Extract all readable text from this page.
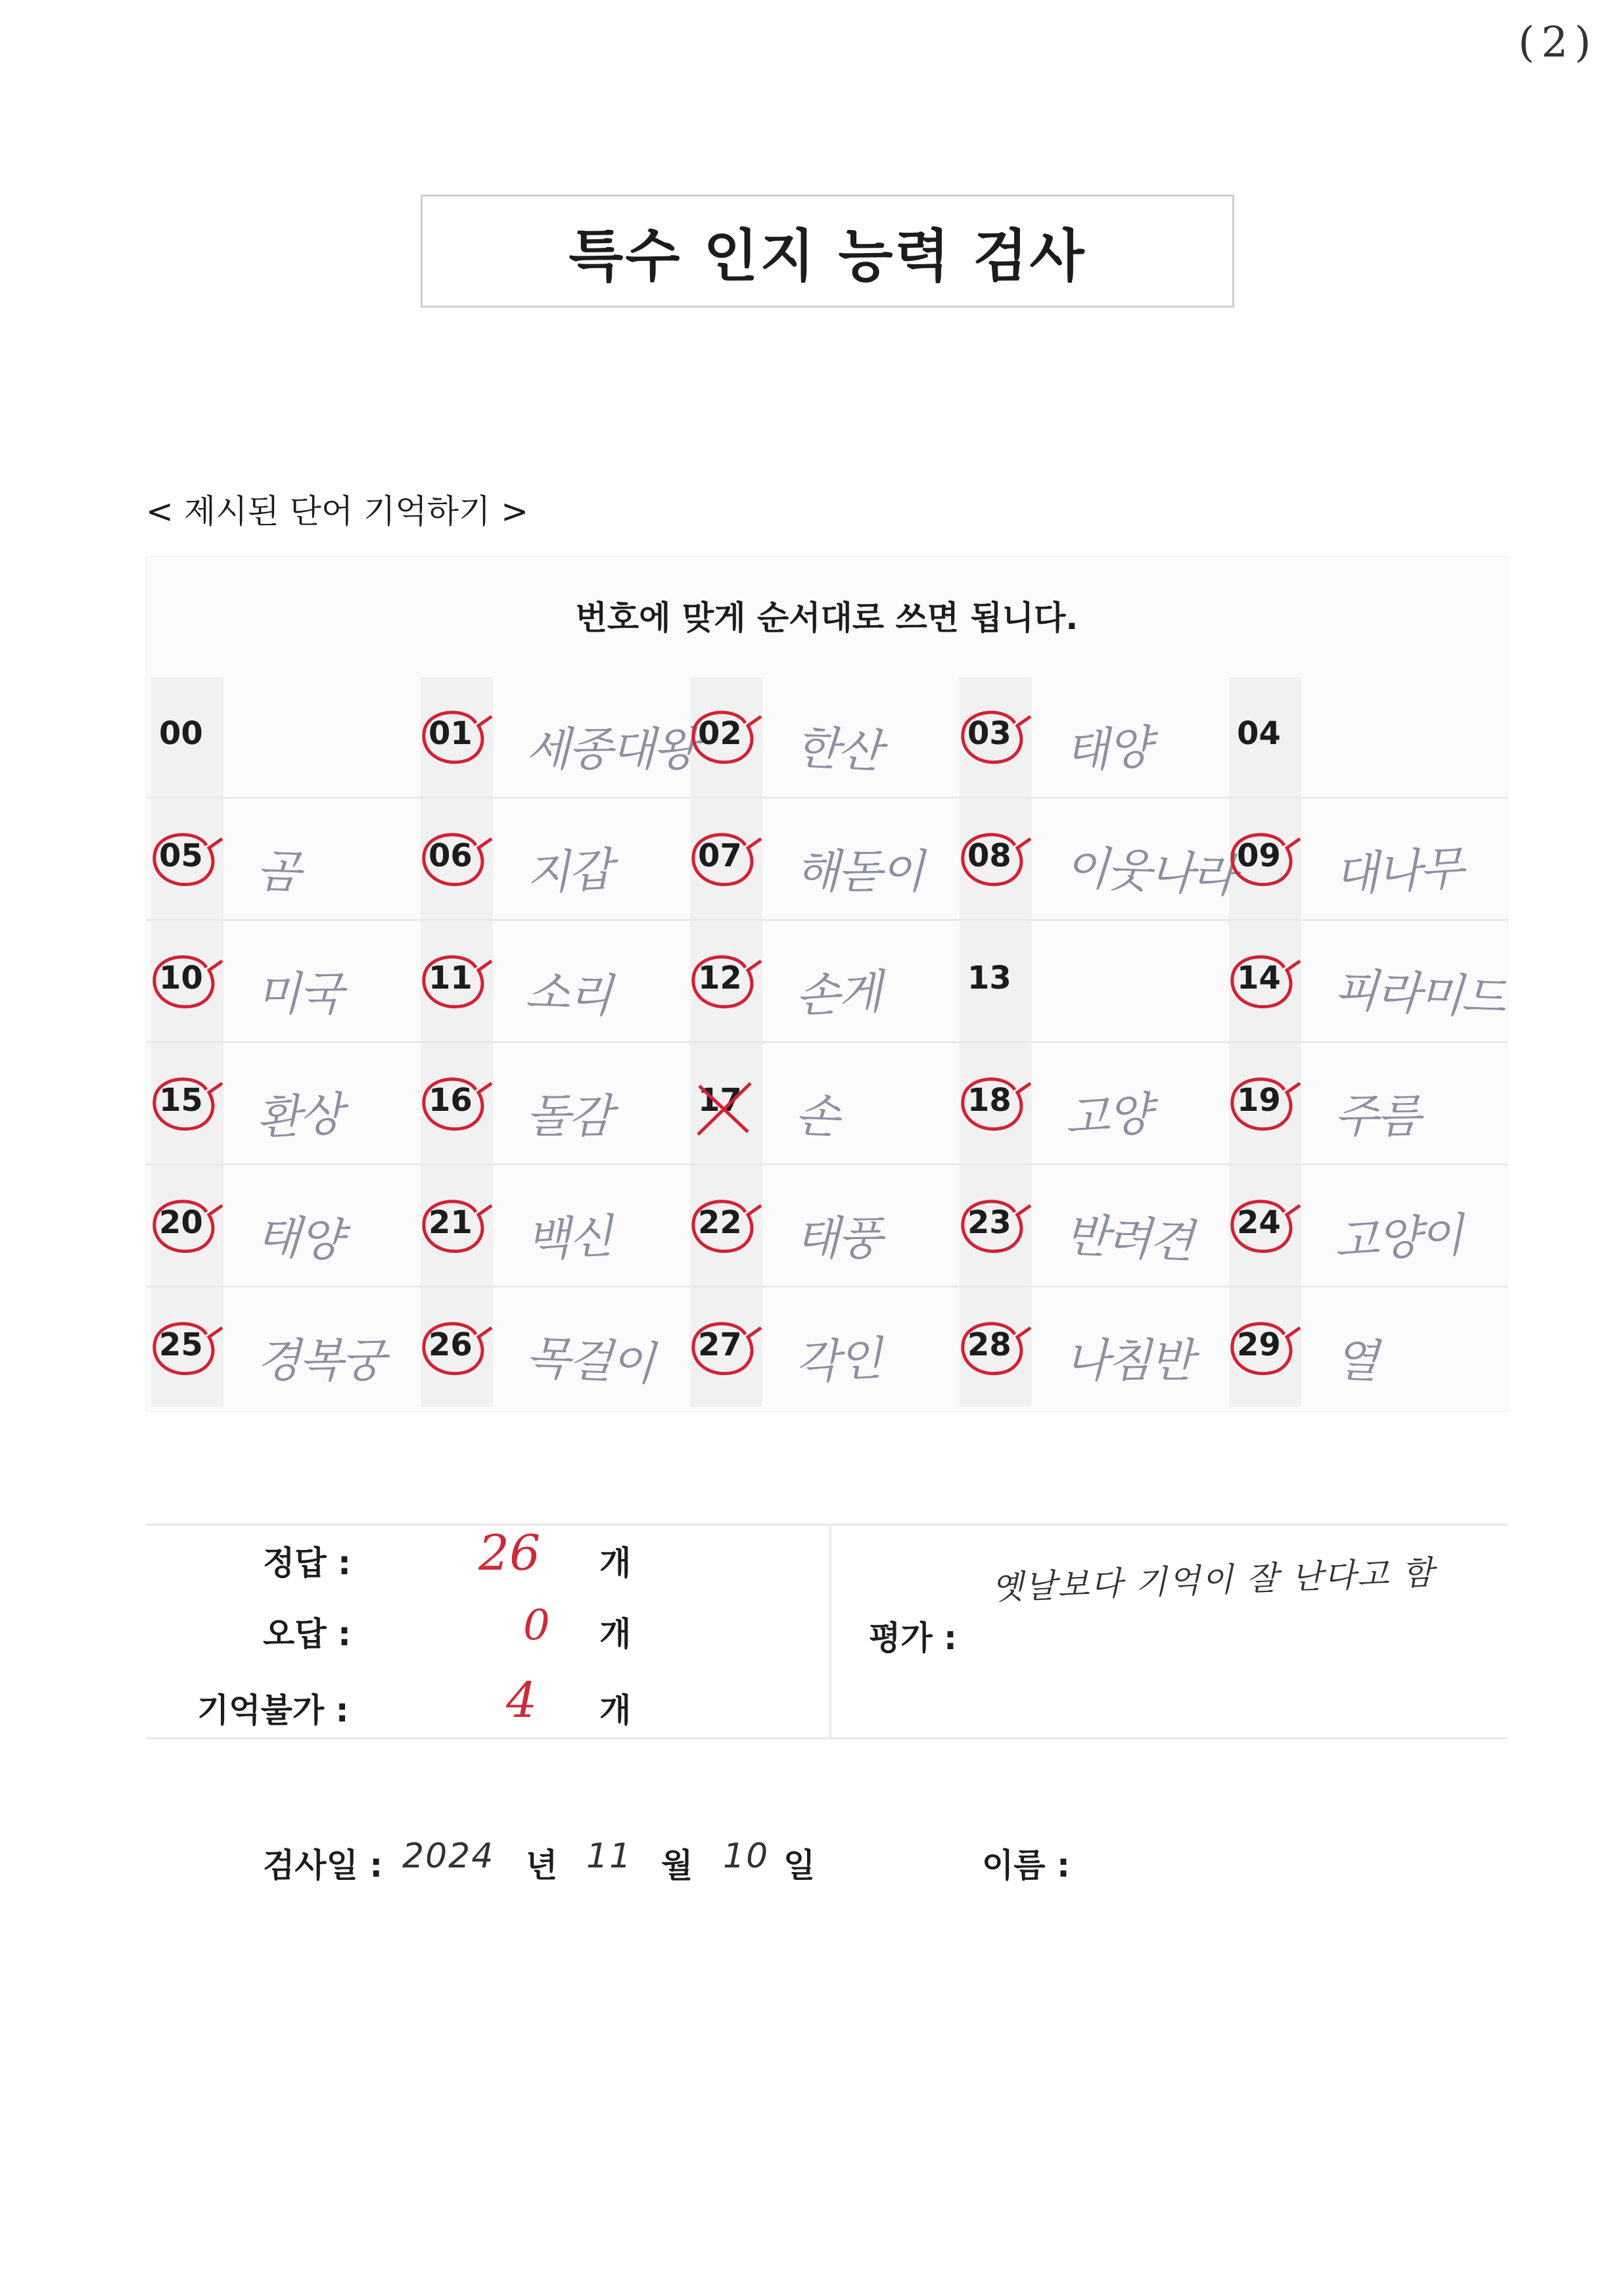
(2)
특수 인지 능력 검사
< 제시된 단어 기억하기 >
번호에 맞게 순서대로 쓰면 됩니다.
00	01 세종대왕 02 한산	03 태양	04
05 곰	06 지갑	07 해돋이 08 이웃나라 09 대나무
10 미국	11 소리	12 손게	13	14 피라미드
15 환상	16 돌감	17 손	18 고양	19 주름
20 태양	21 백신	22 태풍	23 반려견 24 고양이
25 경복궁 26 목걸이 27 각인	28 나침반 29 열
정답 :	26 개
오답 :	0 개
기억불가 :	4 개
평가 :
옛날보다 기억이 잘 난다고 함
검사일 : 2024 년 11 월 10 일	이름 :
